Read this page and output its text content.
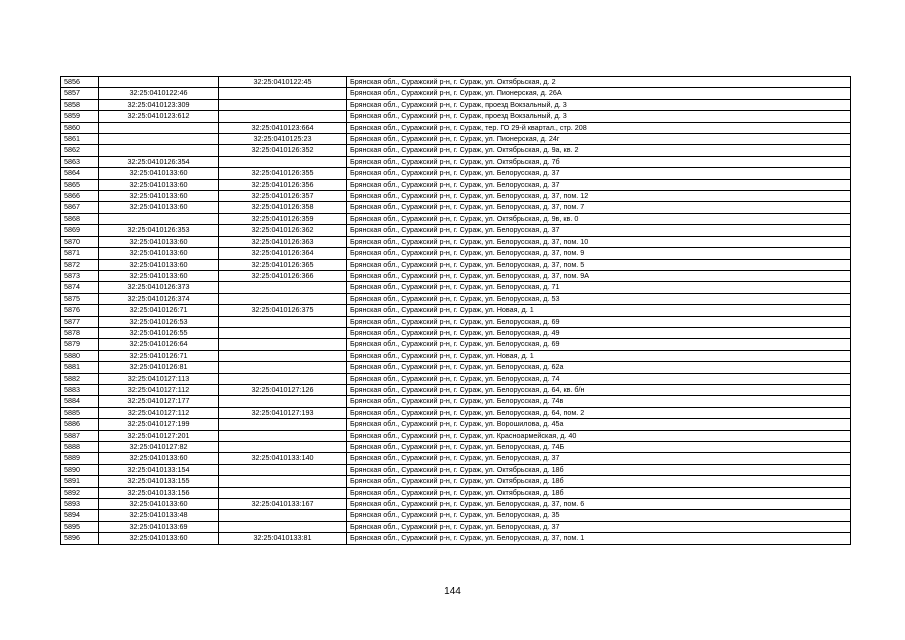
5856		32:25:0410122:45	Брянская обл., Суражский р-н, г. Сураж, ул. Октябрьская, д. 2
5857	32:25:0410122:46		Брянская обл., Суражский р-н, г. Сураж, ул. Пионерская, д. 26А
5858	32:25:0410123:309		Брянская обл., Суражский р-н, г. Сураж, проезд Вокзальный, д. 3
5859	32:25:0410123:612		Брянская обл., Суражский р-н, г. Сураж, проезд Вокзальный, д. 3
5860		32:25:0410123:664	Брянская обл., Суражский р-н, г. Сураж, тер. ГО 29-й квартал., стр. 208
5861		32:25:0410125:23	Брянская обл., Суражский р-н, г. Сураж, ул. Пионерская, д. 24г
5862		32:25:0410126:352	Брянская обл., Суражский р-н, г. Сураж, ул. Октябрьская, д. 9а, кв. 2
5863	32:25:0410126:354		Брянская обл., Суражский р-н, г. Сураж, ул. Октябрьская, д. 7б
5864	32:25:0410133:60	32:25:0410126:355	Брянская обл., Суражский р-н, г. Сураж, ул. Белорусская, д. 37
5865	32:25:0410133:60	32:25:0410126:356	Брянская обл., Суражский р-н, г. Сураж, ул. Белорусская, д. 37
5866	32:25:0410133:60	32:25:0410126:357	Брянская обл., Суражский р-н, г. Сураж, ул. Белорусская, д. 37, пом. 12
5867	32:25:0410133:60	32:25:0410126:358	Брянская обл., Суражский р-н, г. Сураж, ул. Белорусская, д. 37, пом. 7
5868		32:25:0410126:359	Брянская обл., Суражский р-н, г. Сураж, ул. Октябрьская, д. 9в, кв. 0
5869	32:25:0410126:353	32:25:0410126:362	Брянская обл., Суражский р-н, г. Сураж, ул. Белорусская, д. 37
5870	32:25:0410133:60	32:25:0410126:363	Брянская обл., Суражский р-н, г. Сураж, ул. Белорусская, д. 37, пом. 10
5871	32:25:0410133:60	32:25:0410126:364	Брянская обл., Суражский р-н, г. Сураж, ул. Белорусская, д. 37, пом. 9
5872	32:25:0410133:60	32:25:0410126:365	Брянская обл., Суражский р-н, г. Сураж, ул. Белорусская, д. 37, пом. 5
5873	32:25:0410133:60	32:25:0410126:366	Брянская обл., Суражский р-н, г. Сураж, ул. Белорусская, д. 37, пом. 9А
5874	32:25:0410126:373		Брянская обл., Суражский р-н, г. Сураж, ул. Белорусская, д. 71
5875	32:25:0410126:374		Брянская обл., Суражский р-н, г. Сураж, ул. Белорусская, д. 53
5876	32:25:0410126:71	32:25:0410126:375	Брянская обл., Суражский р-н, г. Сураж, ул. Новая, д. 1
5877	32:25:0410126:53		Брянская обл., Суражский р-н, г. Сураж, ул. Белорусская, д. 69
5878	32:25:0410126:55		Брянская обл., Суражский р-н, г. Сураж, ул. Белорусская, д. 49
5879	32:25:0410126:64		Брянская обл., Суражский р-н, г. Сураж, ул. Белорусская, д. 69
5880	32:25:0410126:71		Брянская обл., Суражский р-н, г. Сураж, ул. Новая, д. 1
5881	32:25:0410126:81		Брянская обл., Суражский р-н, г. Сураж, ул. Белорусская, д. 62а
5882	32:25:0410127:113		Брянская обл., Суражский р-н, г. Сураж, ул. Белорусская, д. 74
5883	32:25:0410127:112	32:25:0410127:126	Брянская обл., Суражский р-н, г. Сураж, ул. Белорусская, д. 64, кв. б/н
5884	32:25:0410127:177		Брянская обл., Суражский р-н, г. Сураж, ул. Белорусская, д. 74в
5885	32:25:0410127:112	32:25:0410127:193	Брянская обл., Суражский р-н, г. Сураж, ул. Белорусская, д. 64, пом. 2
5886	32:25:0410127:199		Брянская обл., Суражский р-н, г. Сураж, ул. Ворошилова, д. 45а
5887	32:25:0410127:201		Брянская обл., Суражский р-н, г. Сураж, ул. Красноармейская, д. 40
5888	32:25:0410127:82		Брянская обл., Суражский р-н, г. Сураж, ул. Белорусская, д. 74Б
5889	32:25:0410133:60	32:25:0410133:140	Брянская обл., Суражский р-н, г. Сураж, ул. Белорусская, д. 37
5890	32:25:0410133:154		Брянская обл., Суражский р-н, г. Сураж, ул. Октябрьская, д. 18б
5891	32:25:0410133:155		Брянская обл., Суражский р-н, г. Сураж, ул. Октябрьская, д. 18б
5892	32:25:0410133:156		Брянская обл., Суражский р-н, г. Сураж, ул. Октябрьская, д. 18б
5893	32:25:0410133:60	32:25:0410133:167	Брянская обл., Суражский р-н, г. Сураж, ул. Белорусская, д. 37, пом. 6
5894	32:25:0410133:48		Брянская обл., Суражский р-н, г. Сураж, ул. Белорусская, д. 35
5895	32:25:0410133:69		Брянская обл., Суражский р-н, г. Сураж, ул. Белорусская, д. 37
5896	32:25:0410133:60	32:25:0410133:81	Брянская обл., Суражский р-н, г. Сураж, ул. Белорусская, д. 37, пом. 1
144
